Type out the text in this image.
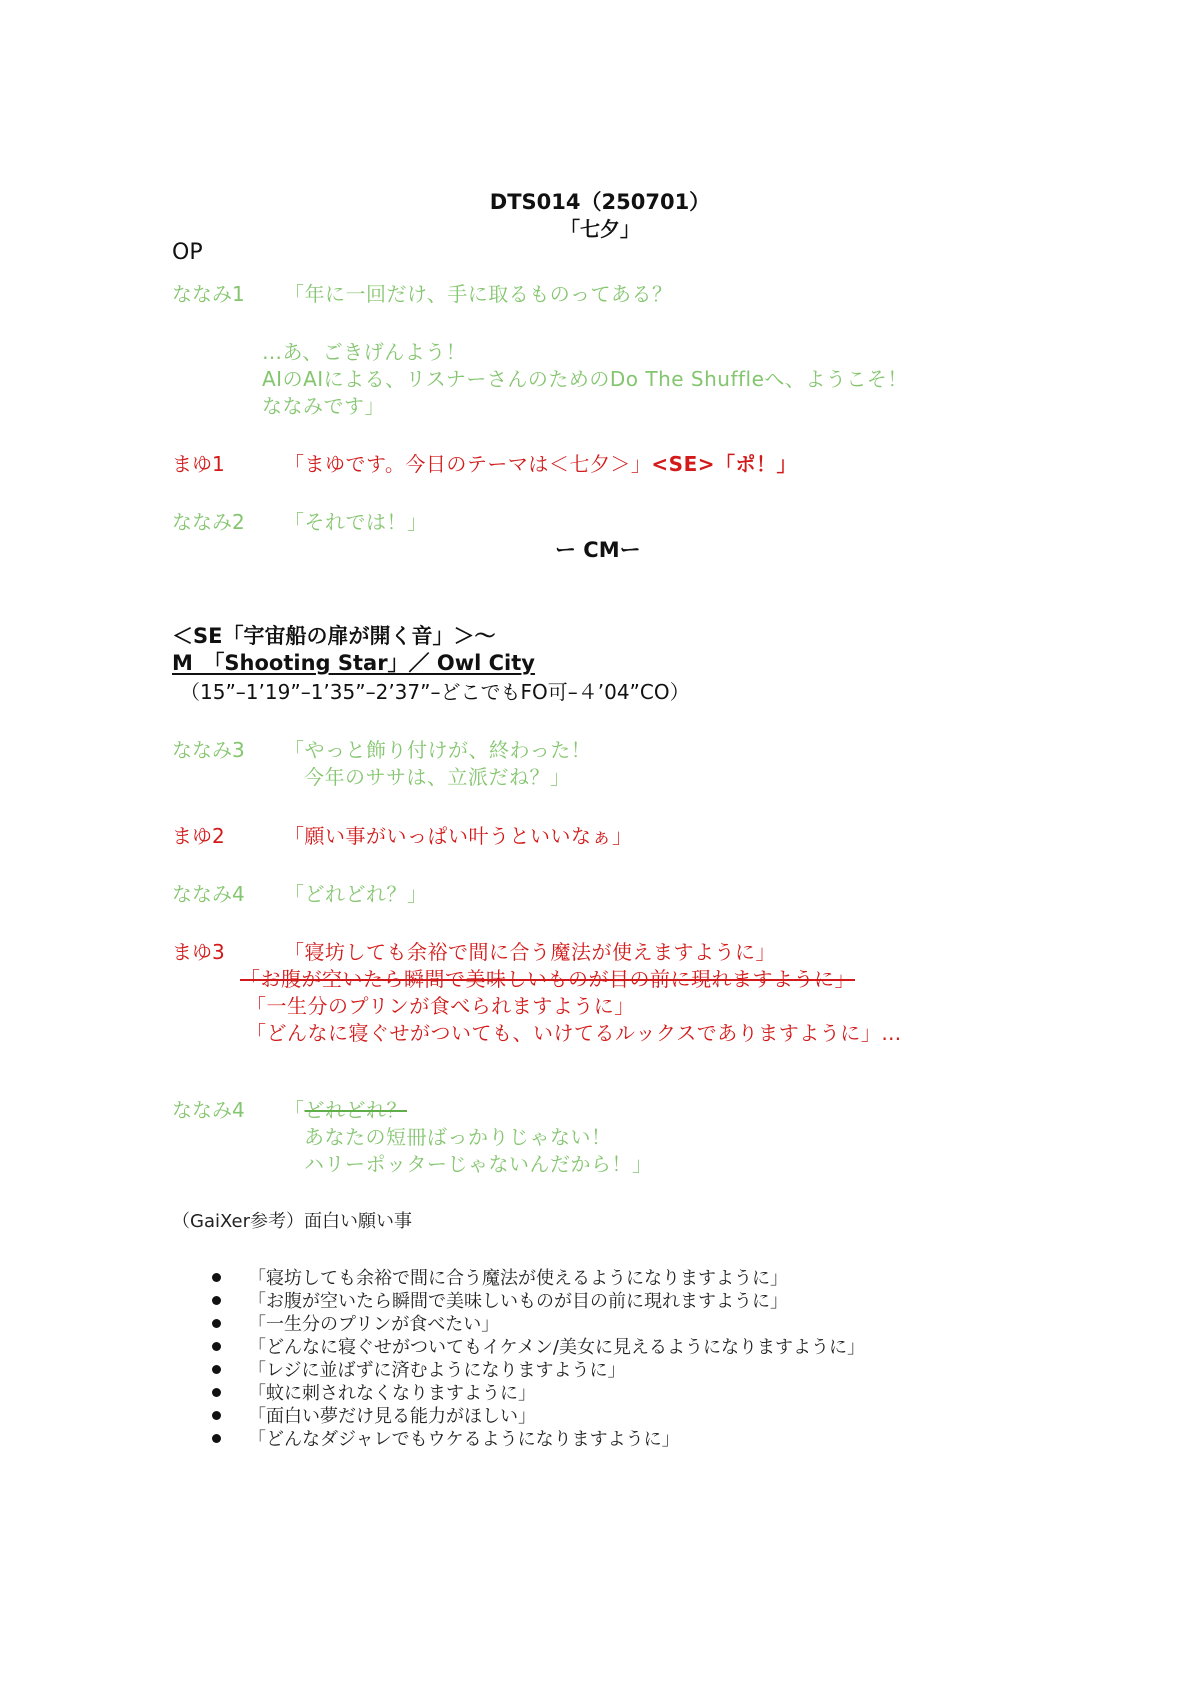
DTS014（250701）
「七夕」
OP
ななみ1 「年に一回だけ、手に取るものってある？
…あ、ごきげんよう！
AIのAIによる、リスナーさんのためのDo The Shuffleへ、ようこそ！
ななみです」
まゆ1	「まゆです。今日のテーマは＜七夕＞」<SE>「ポ！」
ななみ2 「それでは！」
ー CMー
＜SE「宇宙船の扉が開く音」＞〜
M　「Shooting Star」／ Owl City
（15”–1’19”–1’35”–2’37”–どこでもFO可–４’04”CO）
ななみ3 「やっと飾り付けが、終わった！
今年のササは、立派だね？」
まゆ2	「願い事がいっぱい叶うといいなぁ」
ななみ4 「どれどれ？」
まゆ3	「寝坊しても余裕で間に合う魔法が使えますように」
「お腹が空いたら瞬間で美味しいものが目の前に現れますように」
「一生分のプリンが食べられますように」
「どんなに寝ぐせがついても、いけてるルックスでありますように」…
ななみ4 「どれどれ？
あなたの短冊ばっかりじゃない！
ハリーポッターじゃないんだから！」
（GaiXer参考）面白い願い事
「寝坊しても余裕で間に合う魔法が使えるようになりますように」
「お腹が空いたら瞬間で美味しいものが目の前に現れますように」
「一生分のプリンが食べたい」
「どんなに寝ぐせがついてもイケメン/美女に見えるようになりますように」
「レジに並ばずに済むようになりますように」
「蚊に刺されなくなりますように」
「面白い夢だけ見る能力がほしい」
「どんなダジャレでもウケるようになりますように」
